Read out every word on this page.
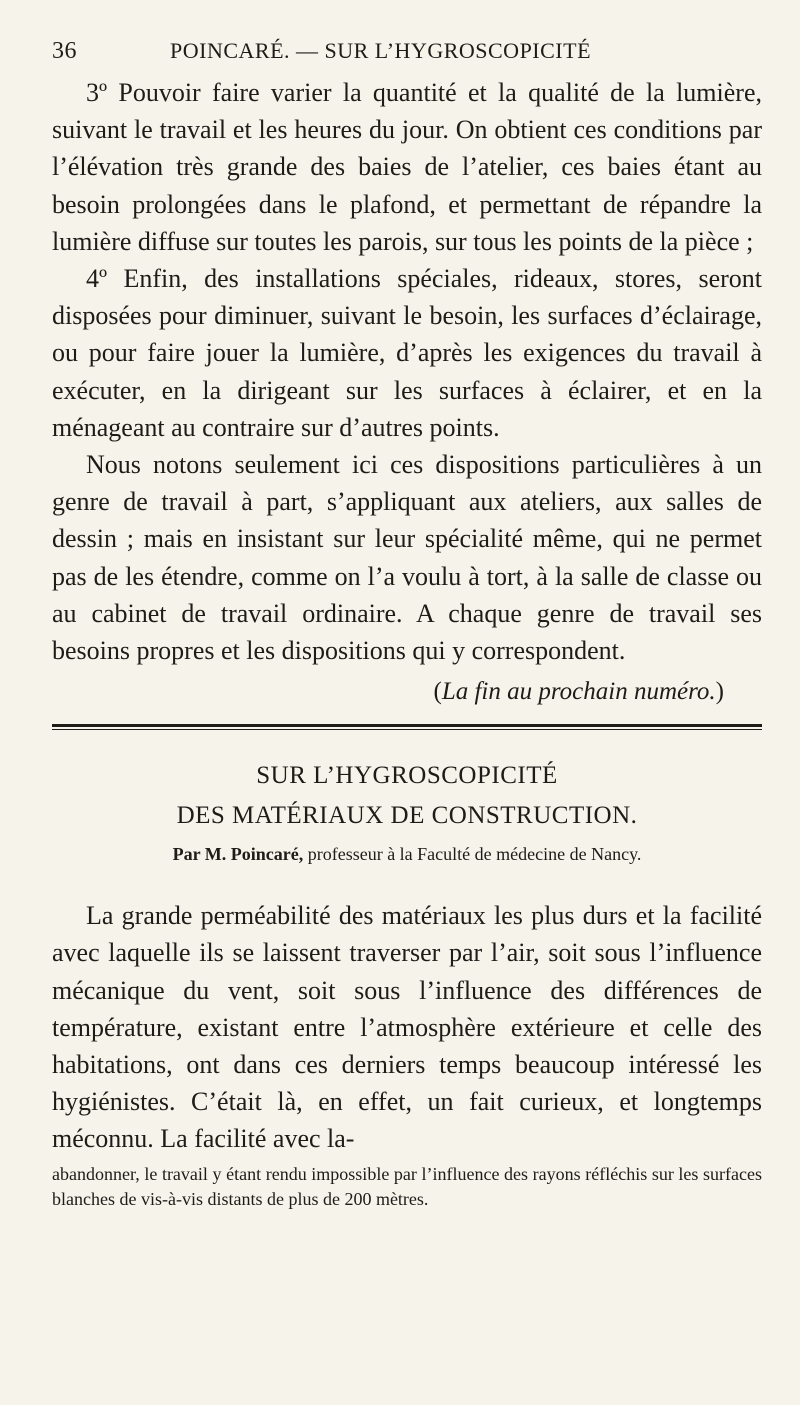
36	POINCARÉ. — SUR L’HYGROSCOPICITÉ

3º Pouvoir faire varier la quantité et la qualité de la lumière, suivant le travail et les heures du jour. On obtient ces conditions par l’élévation très grande des baies de l’atelier, ces baies étant au besoin prolongées dans le plafond, et permettant de répandre la lumière diffuse sur toutes les parois, sur tous les points de la pièce ;

4º Enfin, des installations spéciales, rideaux, stores, seront disposées pour diminuer, suivant le besoin, les surfaces d’éclairage, ou pour faire jouer la lumière, d’après les exigences du travail à exécuter, en la dirigeant sur les surfaces à éclairer, et en la ménageant au contraire sur d’autres points.

Nous notons seulement ici ces dispositions particulières à un genre de travail à part, s’appliquant aux ateliers, aux salles de dessin ; mais en insistant sur leur spécialité même, qui ne permet pas de les étendre, comme on l’a voulu à tort, à la salle de classe ou au cabinet de travail ordinaire. A chaque genre de travail ses besoins propres et les dispositions qui y correspondent.

(La fin au prochain numéro.)

SUR L’HYGROSCOPICITÉ
DES MATÉRIAUX DE CONSTRUCTION.
Par M. Poincaré, professeur à la Faculté de médecine de Nancy.

La grande perméabilité des matériaux les plus durs et la facilité avec laquelle ils se laissent traverser par l’air, soit sous l’influence mécanique du vent, soit sous l’influence des différences de température, existant entre l’atmosphère extérieure et celle des habitations, ont dans ces derniers temps beaucoup intéressé les hygiénistes. C’était là, en effet, un fait curieux, et longtemps méconnu. La facilité avec la-

abandonner, le travail y étant rendu impossible par l’influence des rayons réfléchis sur les surfaces blanches de vis-à-vis distants de plus de 200 mètres.
